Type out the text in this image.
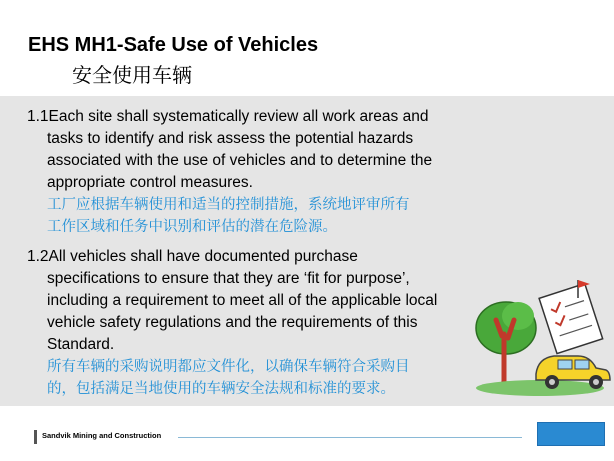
EHS MH1-Safe Use of Vehicles
安全使用车辆
1.1Each site shall systematically review all work areas and
tasks to identify and risk assess the potential hazards
associated with the use of vehicles and to determine the
appropriate control measures.
工厂应根据车辆使用和适当的控制措施，系统地评审所有
工作区域和任务中识别和评估的潜在危险源。
1.2All vehicles shall have documented purchase
specifications to ensure that they are ‘fit for purpose’,
including a requirement to meet all of the applicable local
vehicle safety regulations and the requirements of this
Standard.
所有车辆的采购说明都应文件化，以确保车辆符合采购目
的，包括满足当地使用的车辆安全法规和标准的要求。
Sandvik Mining and Construction
